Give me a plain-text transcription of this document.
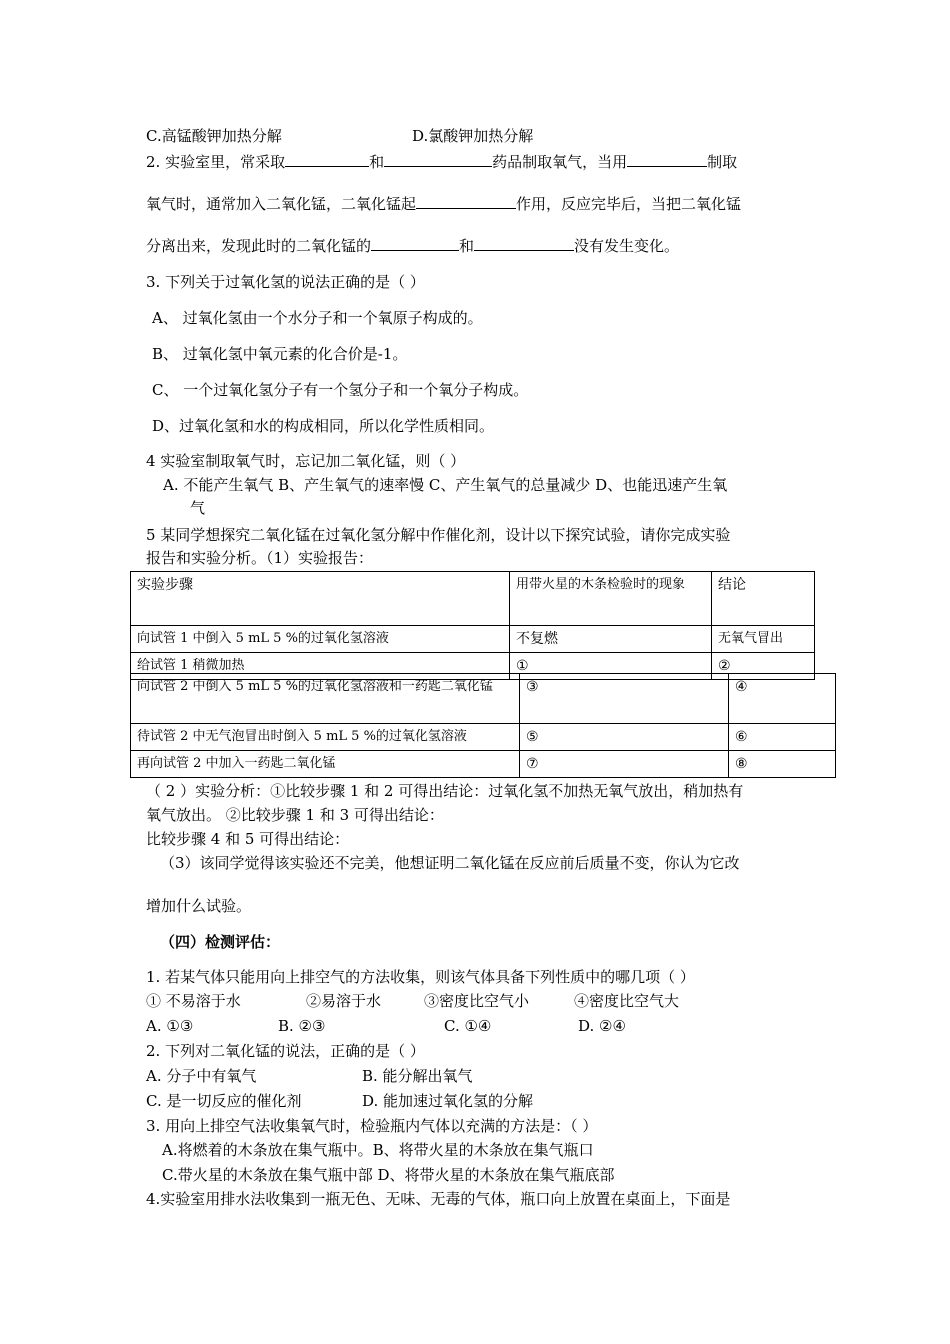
C.高锰酸钾加热分解	D.氯酸钾加热分解
2. 实验室里，常采取	和	药品制取氧气，当用	制取
氧气时，通常加入二氧化锰，二氧化锰起	作用，反应完毕后，当把二氧化锰
分离出来，发现此时的二氧化锰的	和	没有发生变化。
3. 下列关于过氧化氢的说法正确的是（ ）
A、 过氧化氢由一个水分子和一个氧原子构成的。
B、 过氧化氢中氧元素的化合价是-1。
C、 一个过氧化氢分子有一个氢分子和一个氧分子构成。
D、过氧化氢和水的构成相同，所以化学性质相同。
4 实验室制取氧气时，忘记加二氧化锰，则（ ）
A. 不能产生氧气 B、产生氧气的速率慢 C、产生氧气的总量减少 D、也能迅速产生氧
气
5 某同学想探究二氧化锰在过氧化氢分解中作催化剂，设计以下探究试验，请你完成实验
报告和实验分析。（1）实验报告：
实验步骤	用带火星的木条检验时的现象	结论
向试管 1 中倒入 5 mL 5 %的过氧化氢溶液	不复燃	无氧气冒出
给试管 1 稍微加热	①	②
向试管 2 中倒入 5 mL 5 %的过氧化氢溶液和一药匙二氧化锰	③	④
待试管 2 中无气泡冒出时倒入 5 mL 5 %的过氧化氢溶液	⑤	⑥
再向试管 2 中加入一药匙二氧化锰	⑦	⑧
（ 2 ）实验分析：①比较步骤 1 和 2 可得出结论：过氧化氢不加热无氧气放出，稍加热有
氧气放出。 ②比较步骤 1 和 3 可得出结论：
比较步骤 4 和 5 可得出结论：
（3）该同学觉得该实验还不完美，他想证明二氧化锰在反应前后质量不变，你认为它改
增加什么试验。
（四）检测评估：
1. 若某气体只能用向上排空气的方法收集，则该气体具备下列性质中的哪几项（ ）
① 不易溶于水	②易溶于水	③密度比空气小	④密度比空气大
A. ①③	B. ②③	C. ①④	D. ②④
2. 下列对二氧化锰的说法，正确的是（ ）
A. 分子中有氧气	B. 能分解出氧气
C. 是一切反应的催化剂	D. 能加速过氧化氢的分解
3. 用向上排空气法收集氧气时，检验瓶内气体以充满的方法是：（ ）
A.将燃着的木条放在集气瓶中。B、将带火星的木条放在集气瓶口
C.带火星的木条放在集气瓶中部 D、将带火星的木条放在集气瓶底部
4.实验室用排水法收集到一瓶无色、无味、无毒的气体，瓶口向上放置在桌面上，下面是
